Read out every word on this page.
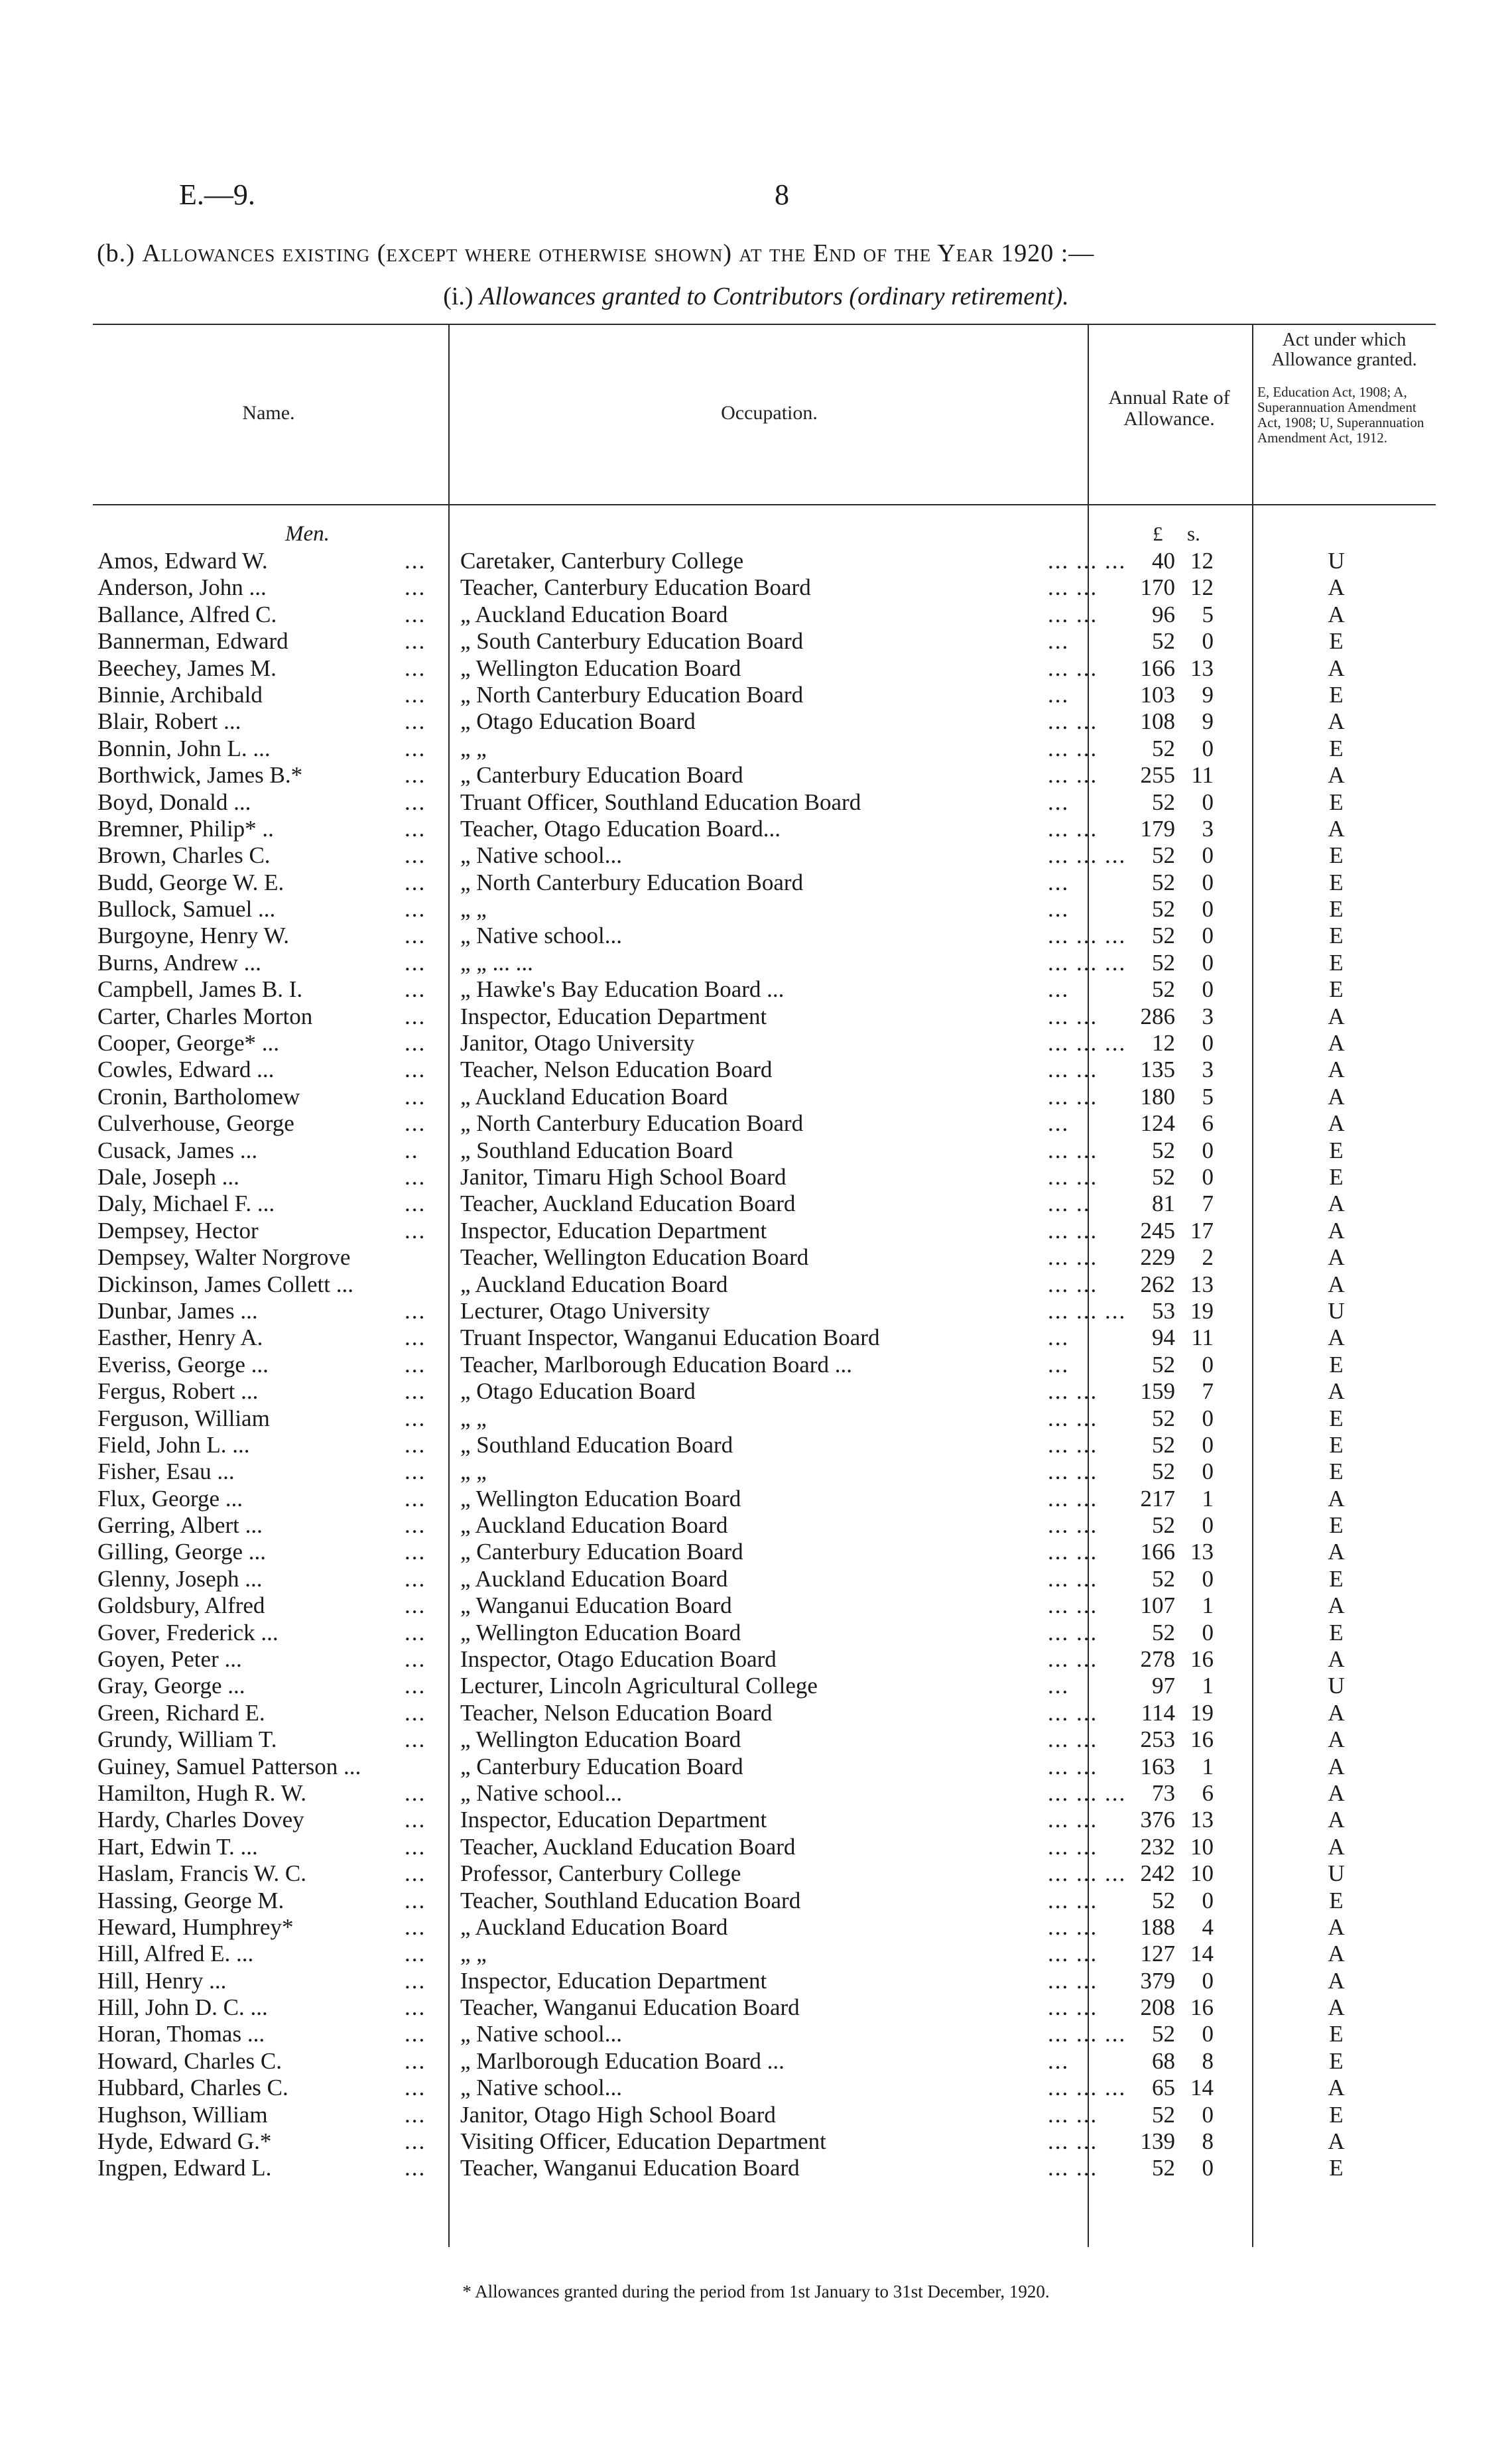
E.—9.	8
(b.) Allowances existing (except where otherwise shown) at the End of the Year 1920 :—
(i.) Allowances granted to Contributors (ordinary retirement).
Name.	Occupation.
Annual Rate of Allowance.
Act under which Allowance granted.
E, Education Act, 1908; A, Superannuation Amendment Act, 1908; U, Superannuation Amendment Act, 1912.
Men.	£ s.
Amos, Edward W.	... Caretaker, Canterbury College	... ... ...	40 12	U
Anderson, John ...	... Teacher, Canterbury Education Board	... ...	170 12	A
Ballance, Alfred C.	... „ Auckland Education Board	... ...	96	5	A
Bannerman, Edward	... „ South Canterbury Education Board	...	52	0	E
Beechey, James M.	... „ Wellington Education Board	... ...	166 13	A
Binnie, Archibald	... „ North Canterbury Education Board	...	103	9	E
Blair, Robert ...	... „ Otago Education Board	... ...	108	9	A
Bonnin, John L. ...	... „ „	... ...	52	0	E
Borthwick, James B.*	... „ Canterbury Education Board	... ...	255 11	A
Boyd, Donald ...	... Truant Officer, Southland Education Board	...	52	0	E
Bremner, Philip* ..	... Teacher, Otago Education Board...	... ...	179	3	A
Brown, Charles C.	... „ Native school...	... ... ...	52	0	E
Budd, George W. E.	... „ North Canterbury Education Board	...	52	0	E
Bullock, Samuel ...	... „ „	...	52	0	E
Burgoyne, Henry W.	... „ Native school...	... ... ...	52	0	E
Burns, Andrew ...	... „ „ ... ...	... ... ...	52	0	E
Campbell, James B. I.	... „ Hawke's Bay Education Board ...	...	52	0	E
Carter, Charles Morton	... Inspector, Education Department	... ...	286	3	A
Cooper, George* ...	... Janitor, Otago University	... ... ...	12	0	A
Cowles, Edward ...	... Teacher, Nelson Education Board	... ...	135	3	A
Cronin, Bartholomew	... „ Auckland Education Board	... ...	180	5	A
Culverhouse, George	... „ North Canterbury Education Board	...	124	6	A
Cusack, James ...	.. „ Southland Education Board	... ...	52	0	E
Dale, Joseph ...	... Janitor, Timaru High School Board	... ...	52	0	E
Daly, Michael F. ...	... Teacher, Auckland Education Board	... ..	81	7	A
Dempsey, Hector	... Inspector, Education Department	... ...	245 17	A
Dempsey, Walter Norgrove	Teacher, Wellington Education Board	... ...	229	2	A
Dickinson, James Collett ...	„ Auckland Education Board	... ...	262 13	A
Dunbar, James ...	... Lecturer, Otago University	... ... ...	53 19	U
Easther, Henry A.	... Truant Inspector, Wanganui Education Board	...	94 11	A
Everiss, George ...	... Teacher, Marlborough Education Board ...	...	52	0	E
Fergus, Robert ...	... „ Otago Education Board	... ...	159	7	A
Ferguson, William	... „ „	... ...	52	0	E
Field, John L. ...	... „ Southland Education Board	... ...	52	0	E
Fisher, Esau ...	... „ „	... ...	52	0	E
Flux, George ...	... „ Wellington Education Board	... ...	217	1	A
Gerring, Albert ...	... „ Auckland Education Board	... ...	52	0	E
Gilling, George ...	... „ Canterbury Education Board	... ...	166 13	A
Glenny, Joseph ...	... „ Auckland Education Board	... ...	52	0	E
Goldsbury, Alfred	... „ Wanganui Education Board	... ...	107	1	A
Gover, Frederick ...	... „ Wellington Education Board	... ...	52	0	E
Goyen, Peter ...	... Inspector, Otago Education Board	... ...	278 16	A
Gray, George ...	... Lecturer, Lincoln Agricultural College	...	97	1	U
Green, Richard E.	... Teacher, Nelson Education Board	... ...	114 19	A
Grundy, William T.	... „ Wellington Education Board	... ...	253 16	A
Guiney, Samuel Patterson ...	„ Canterbury Education Board	... ...	163	1	A
Hamilton, Hugh R. W.	... „ Native school...	... ... ...	73	6	A
Hardy, Charles Dovey	... Inspector, Education Department	... ...	376 13	A
Hart, Edwin T. ...	... Teacher, Auckland Education Board	... ...	232 10	A
Haslam, Francis W. C.	... Professor, Canterbury College	... ... ... 242 10	U
Hassing, George M.	... Teacher, Southland Education Board	... ...	52	0	E
Heward, Humphrey*	... „ Auckland Education Board	... ...	188	4	A
Hill, Alfred E. ...	... „ „	... ...	127 14	A
Hill, Henry ...	... Inspector, Education Department	... ...	379	0	A
Hill, John D. C. ...	... Teacher, Wanganui Education Board	... ...	208 16	A
Horan, Thomas ...	... „ Native school...	... ... ...	52	0	E
Howard, Charles C.	... „ Marlborough Education Board ...	...	68	8	E
Hubbard, Charles C.	... „ Native school...	... ... ...	65 14	A
Hughson, William	... Janitor, Otago High School Board	... ...	52	0	E
Hyde, Edward G.*	... Visiting Officer, Education Department	... ...	139	8	A
Ingpen, Edward L.	... Teacher, Wanganui Education Board	... ...	52	0	E
* Allowances granted during the period from 1st January to 31st December, 1920.
